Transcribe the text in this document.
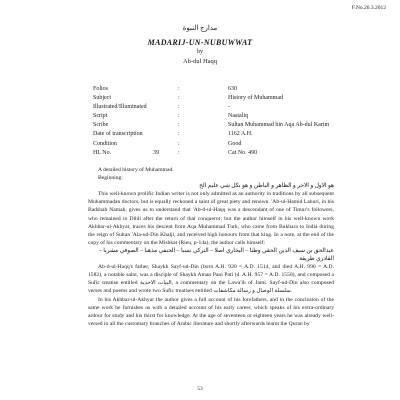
F.No.26.3.2012
مدارج النبوة
MADARIJ-UN-NUBUWWAT
by
Ab-dul Haqq
Folios	:	630
Subject	:	History of Muhammad
Illustrated/Illuminated	:	-
Script	:	Nastaliq
Scribe	:	Sultan Muhammad bin Aqa Ab-dul Karim
Date of transcription	:	1162 A.H.
Condition	:	Good
HL No.	39	:	Cat No. 490

A detailed history of Muhammad.

Beginning:

هو الاول و الاخر و الظاهر و الباطن و هو بكل شي عليم الخ

This well-known prolific Indian writer is not only admitted as an authority in traditions by all subsequent Muhammadan doctors, but is equally reckoned a saint of great piety and renown. 'Ab-ul-Hamid Lahuri, in his Badshah Namah, gives us to understand that 'Ab-d-ul-Haqq was a descendant of one of Timur's followers, who remained in Dihli after the return of that conqueror; but the author himself in his well-known work Akhbar-ul-Akhyar, traces his descent from Aqa Muhammad Turk, who came from Bukhara to India during the reign of Sultan 'Ala-ud-Din Khalji, and received high honours from that king. In a note, at the end of the copy of his commentary on the Mishkat (Rieu, p-14a), the author calls himself:

عبدالحق بن سيف الدين الحقي وطنا – البخاري اصلا – الترکي نسبا – الحنفي مذهبا – الصوفي مشربا – القادري طريقة

Ab-d-ul-Haqq's father, Shaykh Sayf-ud-Din (born A.H. 920 = A.D. 1514, and died A.H. 990 = A.D. 1582), a notable saint, was a disciple of Shaykh Aman Pani Pati (d. A.H. 957 = A.D. 1550), and composed a Sufic treatise entitled البيات الاحدية, a commentary on the Lawa'ih of Jami. Sayf-ud-Din also composed verses and poems and wrote two Sufic treatises entitled سلسلة الوصال و رسالة مكاشفات.

In his Akhbar-ul-Akhyar the author gives a full account of his forefathers, and in the conclusion of the same work he furnishes us with a detailed account of his early career, which speaks of his extra-ordinary ardour for study and his thirst for knowledge. At the age of seventeen or eighteen years he was already well-versed in all the customary branches of Arabic literature and shortly afterwards learnt the Quran by

53
